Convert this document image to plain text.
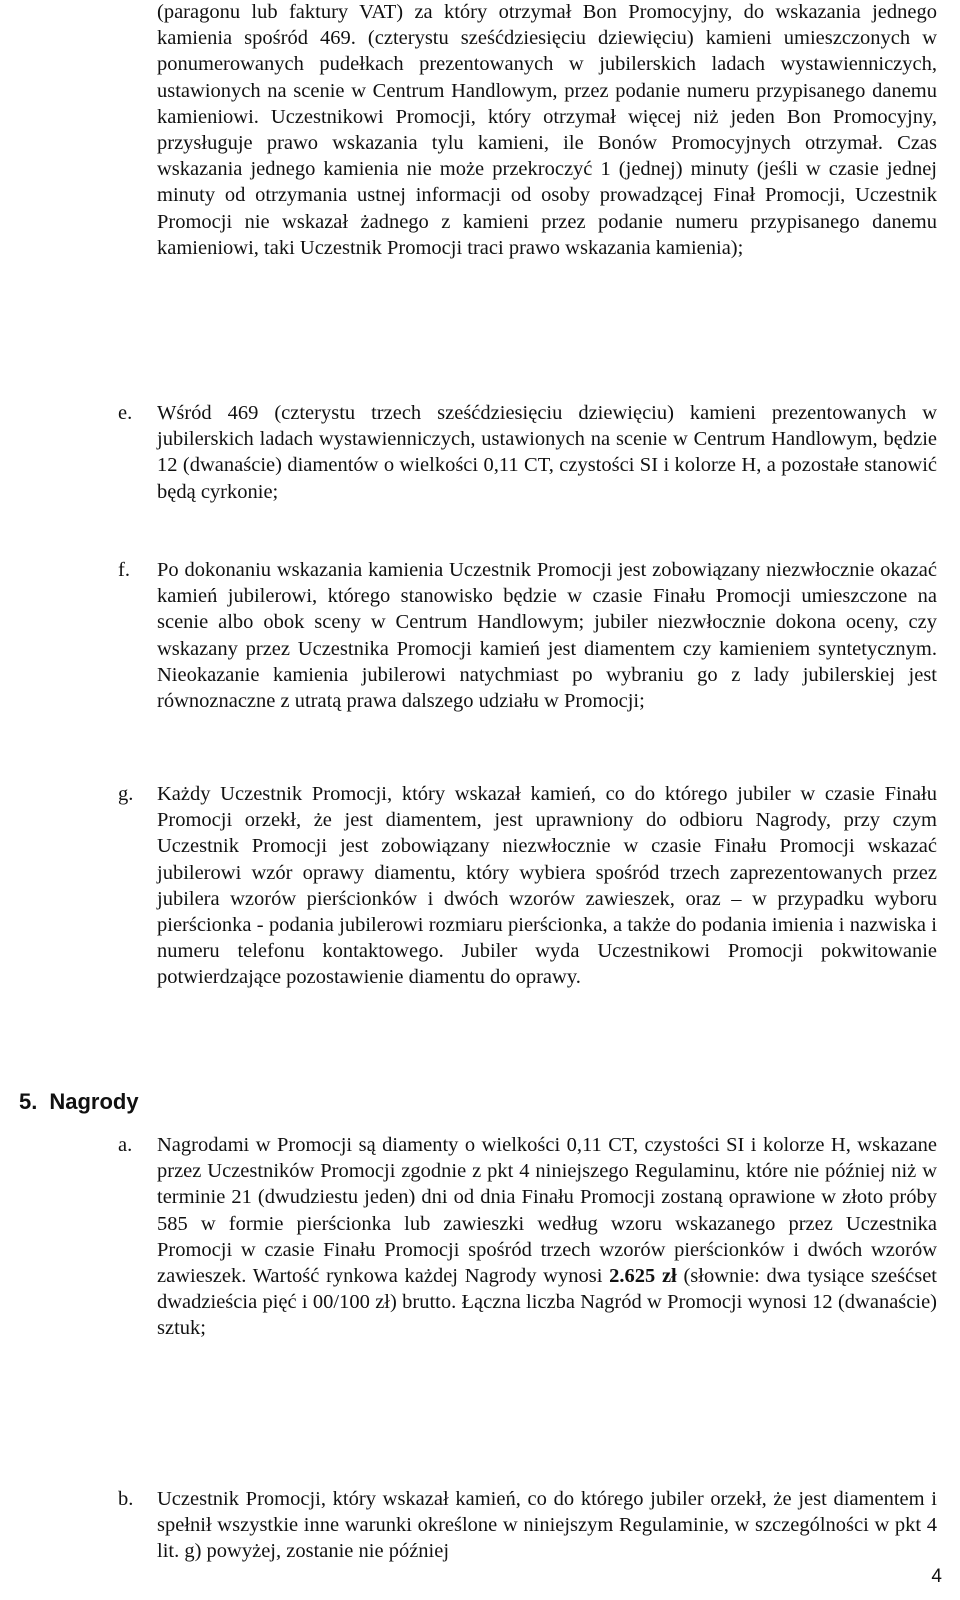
(paragonu lub faktury VAT) za który otrzymał Bon Promocyjny, do wskazania jednego kamienia spośród 469. (czterystu sześćdziesięciu dziewięciu) kamieni umieszczonych w ponumerowanych pudełkach prezentowanych w jubilerskich ladach wystawienniczych, ustawionych na scenie w Centrum Handlowym, przez podanie numeru przypisanego danemu kamieniowi. Uczestnikowi Promocji, który otrzymał więcej niż jeden Bon Promocyjny, przysługuje prawo wskazania tylu kamieni, ile Bonów Promocyjnych otrzymał. Czas wskazania jednego kamienia nie może przekroczyć 1 (jednej) minuty (jeśli w czasie jednej minuty od otrzymania ustnej informacji od osoby prowadzącej Finał Promocji, Uczestnik Promocji nie wskazał żadnego z kamieni przez podanie numeru przypisanego danemu kamieniowi, taki Uczestnik Promocji traci prawo wskazania kamienia);
e.	Wśród 469 (czterystu trzech sześćdziesięciu dziewięciu) kamieni prezentowanych w jubilerskich ladach wystawienniczych, ustawionych na scenie w Centrum Handlowym, będzie 12 (dwanaście) diamentów o wielkości 0,11 CT, czystości SI i kolorze H, a pozostałe stanowić będą cyrkonie;
f.	Po dokonaniu wskazania kamienia Uczestnik Promocji jest zobowiązany niezwłocznie okazać kamień jubilerowi, którego stanowisko będzie w czasie Finału Promocji umieszczone na scenie albo obok sceny w Centrum Handlowym; jubiler niezwłocznie dokona oceny, czy wskazany przez Uczestnika Promocji kamień jest diamentem czy kamieniem syntetycznym. Nieokazanie kamienia jubilerowi natychmiast po wybraniu go z lady jubilerskiej jest równoznaczne z utratą prawa dalszego udziału w Promocji;
g.	Każdy Uczestnik Promocji, który wskazał kamień, co do którego jubiler w czasie Finału Promocji orzekł, że jest diamentem, jest uprawniony do odbioru Nagrody, przy czym Uczestnik Promocji jest zobowiązany niezwłocznie w czasie Finału Promocji wskazać jubilerowi wzór oprawy diamentu, który wybiera spośród trzech zaprezentowanych przez jubilera wzorów pierścionków i dwóch wzorów zawieszek, oraz – w przypadku wyboru pierścionka - podania jubilerowi rozmiaru pierścionka, a także do podania imienia i nazwiska i numeru telefonu kontaktowego. Jubiler wyda Uczestnikowi Promocji pokwitowanie potwierdzające pozostawienie diamentu do oprawy.
5. Nagrody
a.	Nagrodami w Promocji są diamenty o wielkości 0,11 CT, czystości SI i kolorze H, wskazane przez Uczestników Promocji zgodnie z pkt 4 niniejszego Regulaminu, które nie później niż w terminie 21 (dwudziestu jeden) dni od dnia Finału Promocji zostaną oprawione w złoto próby 585 w formie pierścionka lub zawieszki według wzoru wskazanego przez Uczestnika Promocji w czasie Finału Promocji spośród trzech wzorów pierścionków i dwóch wzorów zawieszek. Wartość rynkowa każdej Nagrody wynosi 2.625 zł (słownie: dwa tysiące sześćset dwadzieścia pięć i 00/100 zł) brutto. Łączna liczba Nagród w Promocji wynosi 12 (dwanaście) sztuk;
b.	Uczestnik Promocji, który wskazał kamień, co do którego jubiler orzekł, że jest diamentem i spełnił wszystkie inne warunki określone w niniejszym Regulaminie, w szczególności w pkt 4 lit. g) powyżej, zostanie nie później
4
